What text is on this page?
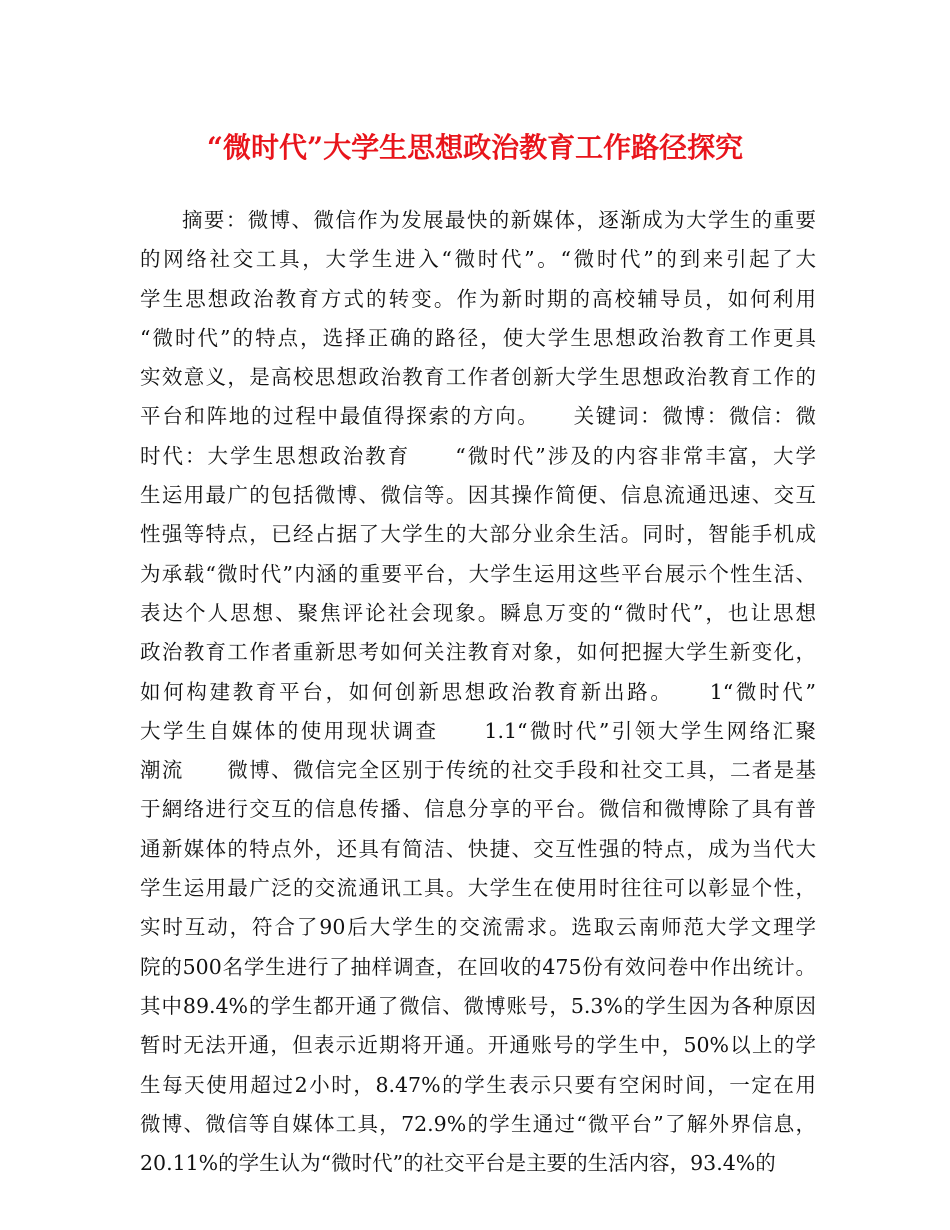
“微时代”大学生思想政治教育工作路径探究
摘要：微博、微信作为发展最快的新媒体，逐渐成为大学生的重要
的网络社交工具，大学生进入“微时代”。“微时代”的到来引起了大
学生思想政治教育方式的转变。作为新时期的高校辅导员，如何利用
“微时代”的特点，选择正确的路径，使大学生思想政治教育工作更具
实效意义，是高校思想政治教育工作者创新大学生思想政治教育工作的
平台和阵地的过程中最值得探索的方向。　　关键词：微博：微信：微
时代：大学生思想政治教育　　“微时代”涉及的内容非常丰富，大学
生运用最广的包括微博、微信等。因其操作简便、信息流通迅速、交互
性强等特点，已经占据了大学生的大部分业余生活。同时，智能手机成
为承载“微时代”内涵的重要平台，大学生运用这些平台展示个性生活、
表达个人思想、聚焦评论社会现象。瞬息万变的“微时代”，也让思想
政治教育工作者重新思考如何关注教育对象，如何把握大学生新变化，
如何构建教育平台，如何创新思想政治教育新出路。　　1“微时代”
大学生自媒体的使用现状调查　　1.1“微时代”引领大学生网络汇聚
潮流　　微博、微信完全区别于传统的社交手段和社交工具，二者是基
于網络进行交互的信息传播、信息分享的平台。微信和微博除了具有普
通新媒体的特点外，还具有简洁、快捷、交互性强的特点，成为当代大
学生运用最广泛的交流通讯工具。大学生在使用时往往可以彰显个性，
实时互动，符合了90后大学生的交流需求。选取云南师范大学文理学
院的500名学生进行了抽样调查，在回收的475份有效问卷中作出统计。
其中89.4%的学生都开通了微信、微博账号，5.3%的学生因为各种原因
暂时无法开通，但表示近期将开通。开通账号的学生中，50%以上的学
生每天使用超过2小时，8.47%的学生表示只要有空闲时间，一定在用
微博、微信等自媒体工具，72.9%的学生通过“微平台”了解外界信息，
20.11%的学生认为“微时代”的社交平台是主要的生活内容，93.4%的
